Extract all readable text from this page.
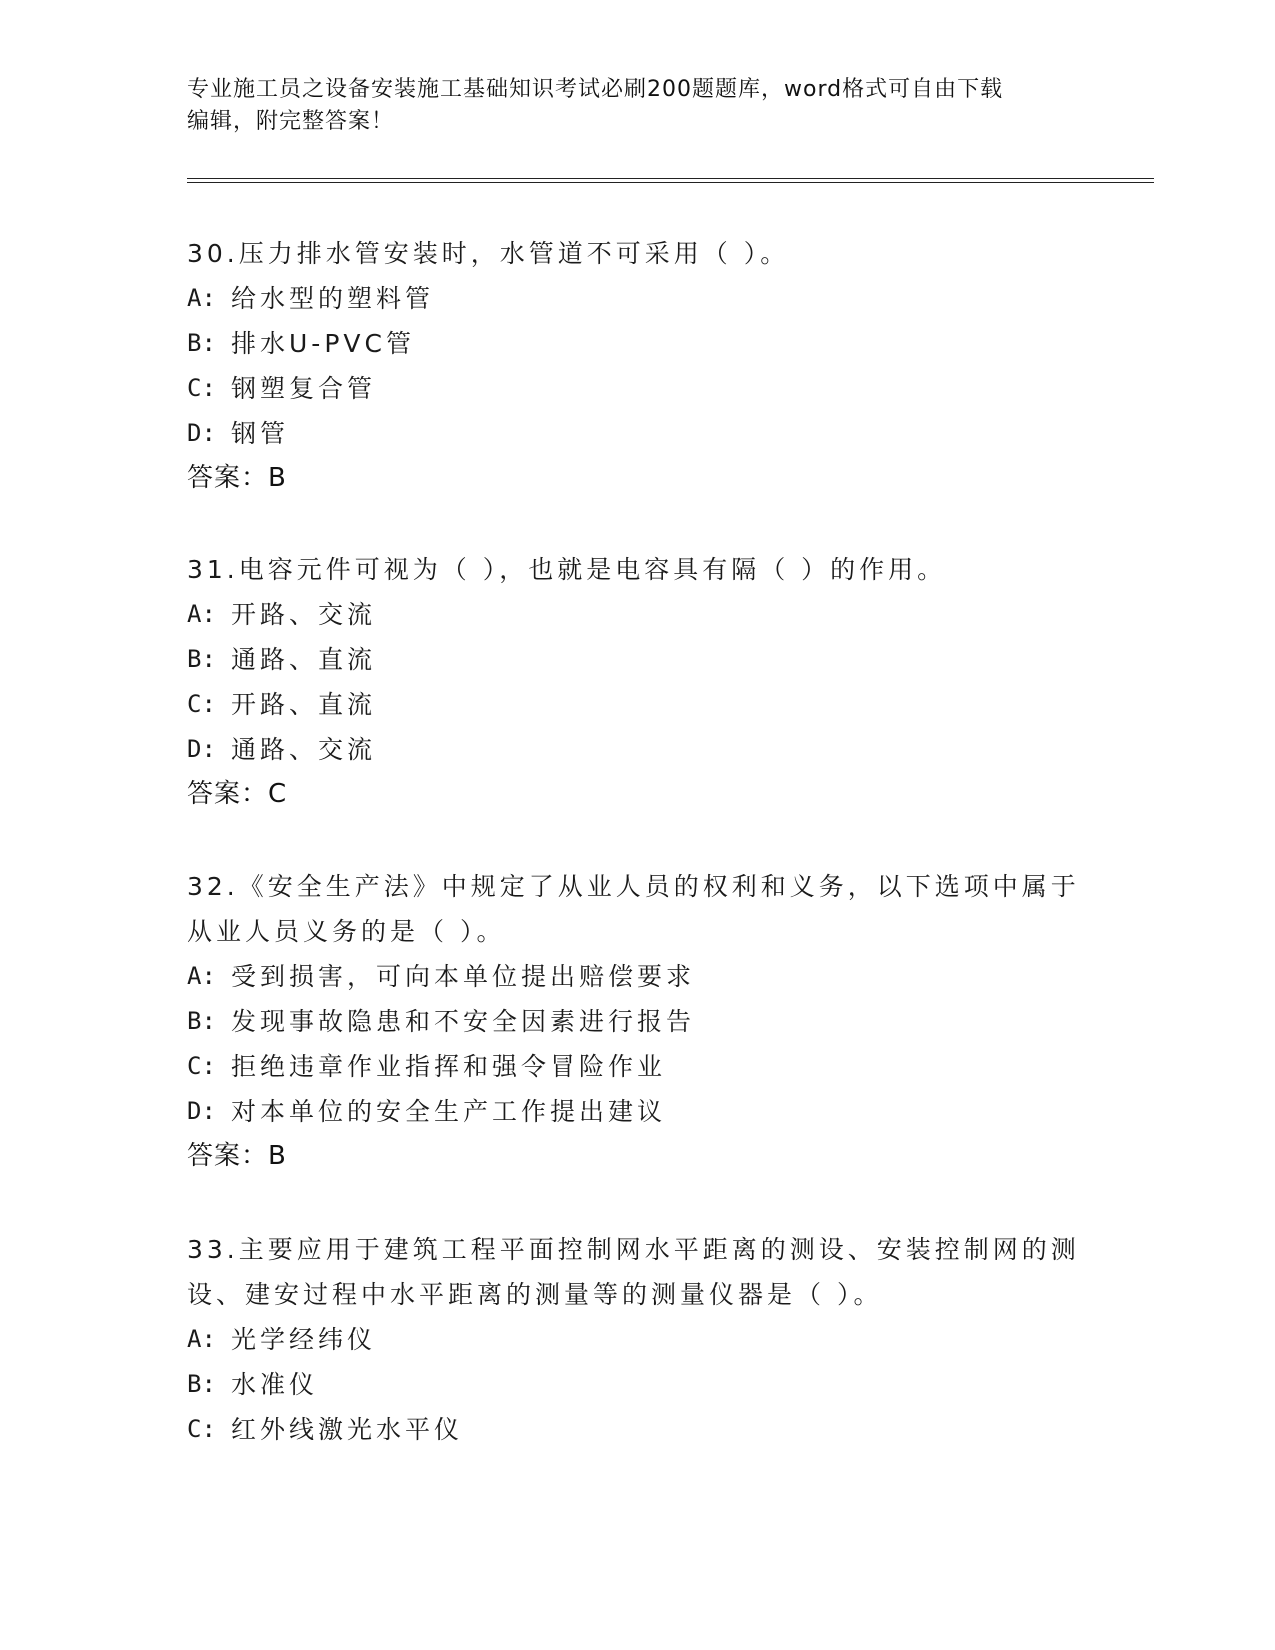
专业施工员之设备安装施工基础知识考试必刷200题题库，word格式可自由下载
编辑，附完整答案！
30.压力排水管安装时，水管道不可采用（ ）。
A: 给水型的塑料管
B: 排水U-PVC管
C: 钢塑复合管
D: 钢管
答案：B
31.电容元件可视为（ ），也就是电容具有隔（ ）的作用。
A: 开路、交流
B: 通路、直流
C: 开路、直流
D: 通路、交流
答案：C
32.《安全生产法》中规定了从业人员的权利和义务，以下选项中属于
从业人员义务的是（ ）。
A: 受到损害，可向本单位提出赔偿要求
B: 发现事故隐患和不安全因素进行报告
C: 拒绝违章作业指挥和强令冒险作业
D: 对本单位的安全生产工作提出建议
答案：B
33.主要应用于建筑工程平面控制网水平距离的测设、安装控制网的测
设、建安过程中水平距离的测量等的测量仪器是（ ）。
A: 光学经纬仪
B: 水准仪
C: 红外线激光水平仪
